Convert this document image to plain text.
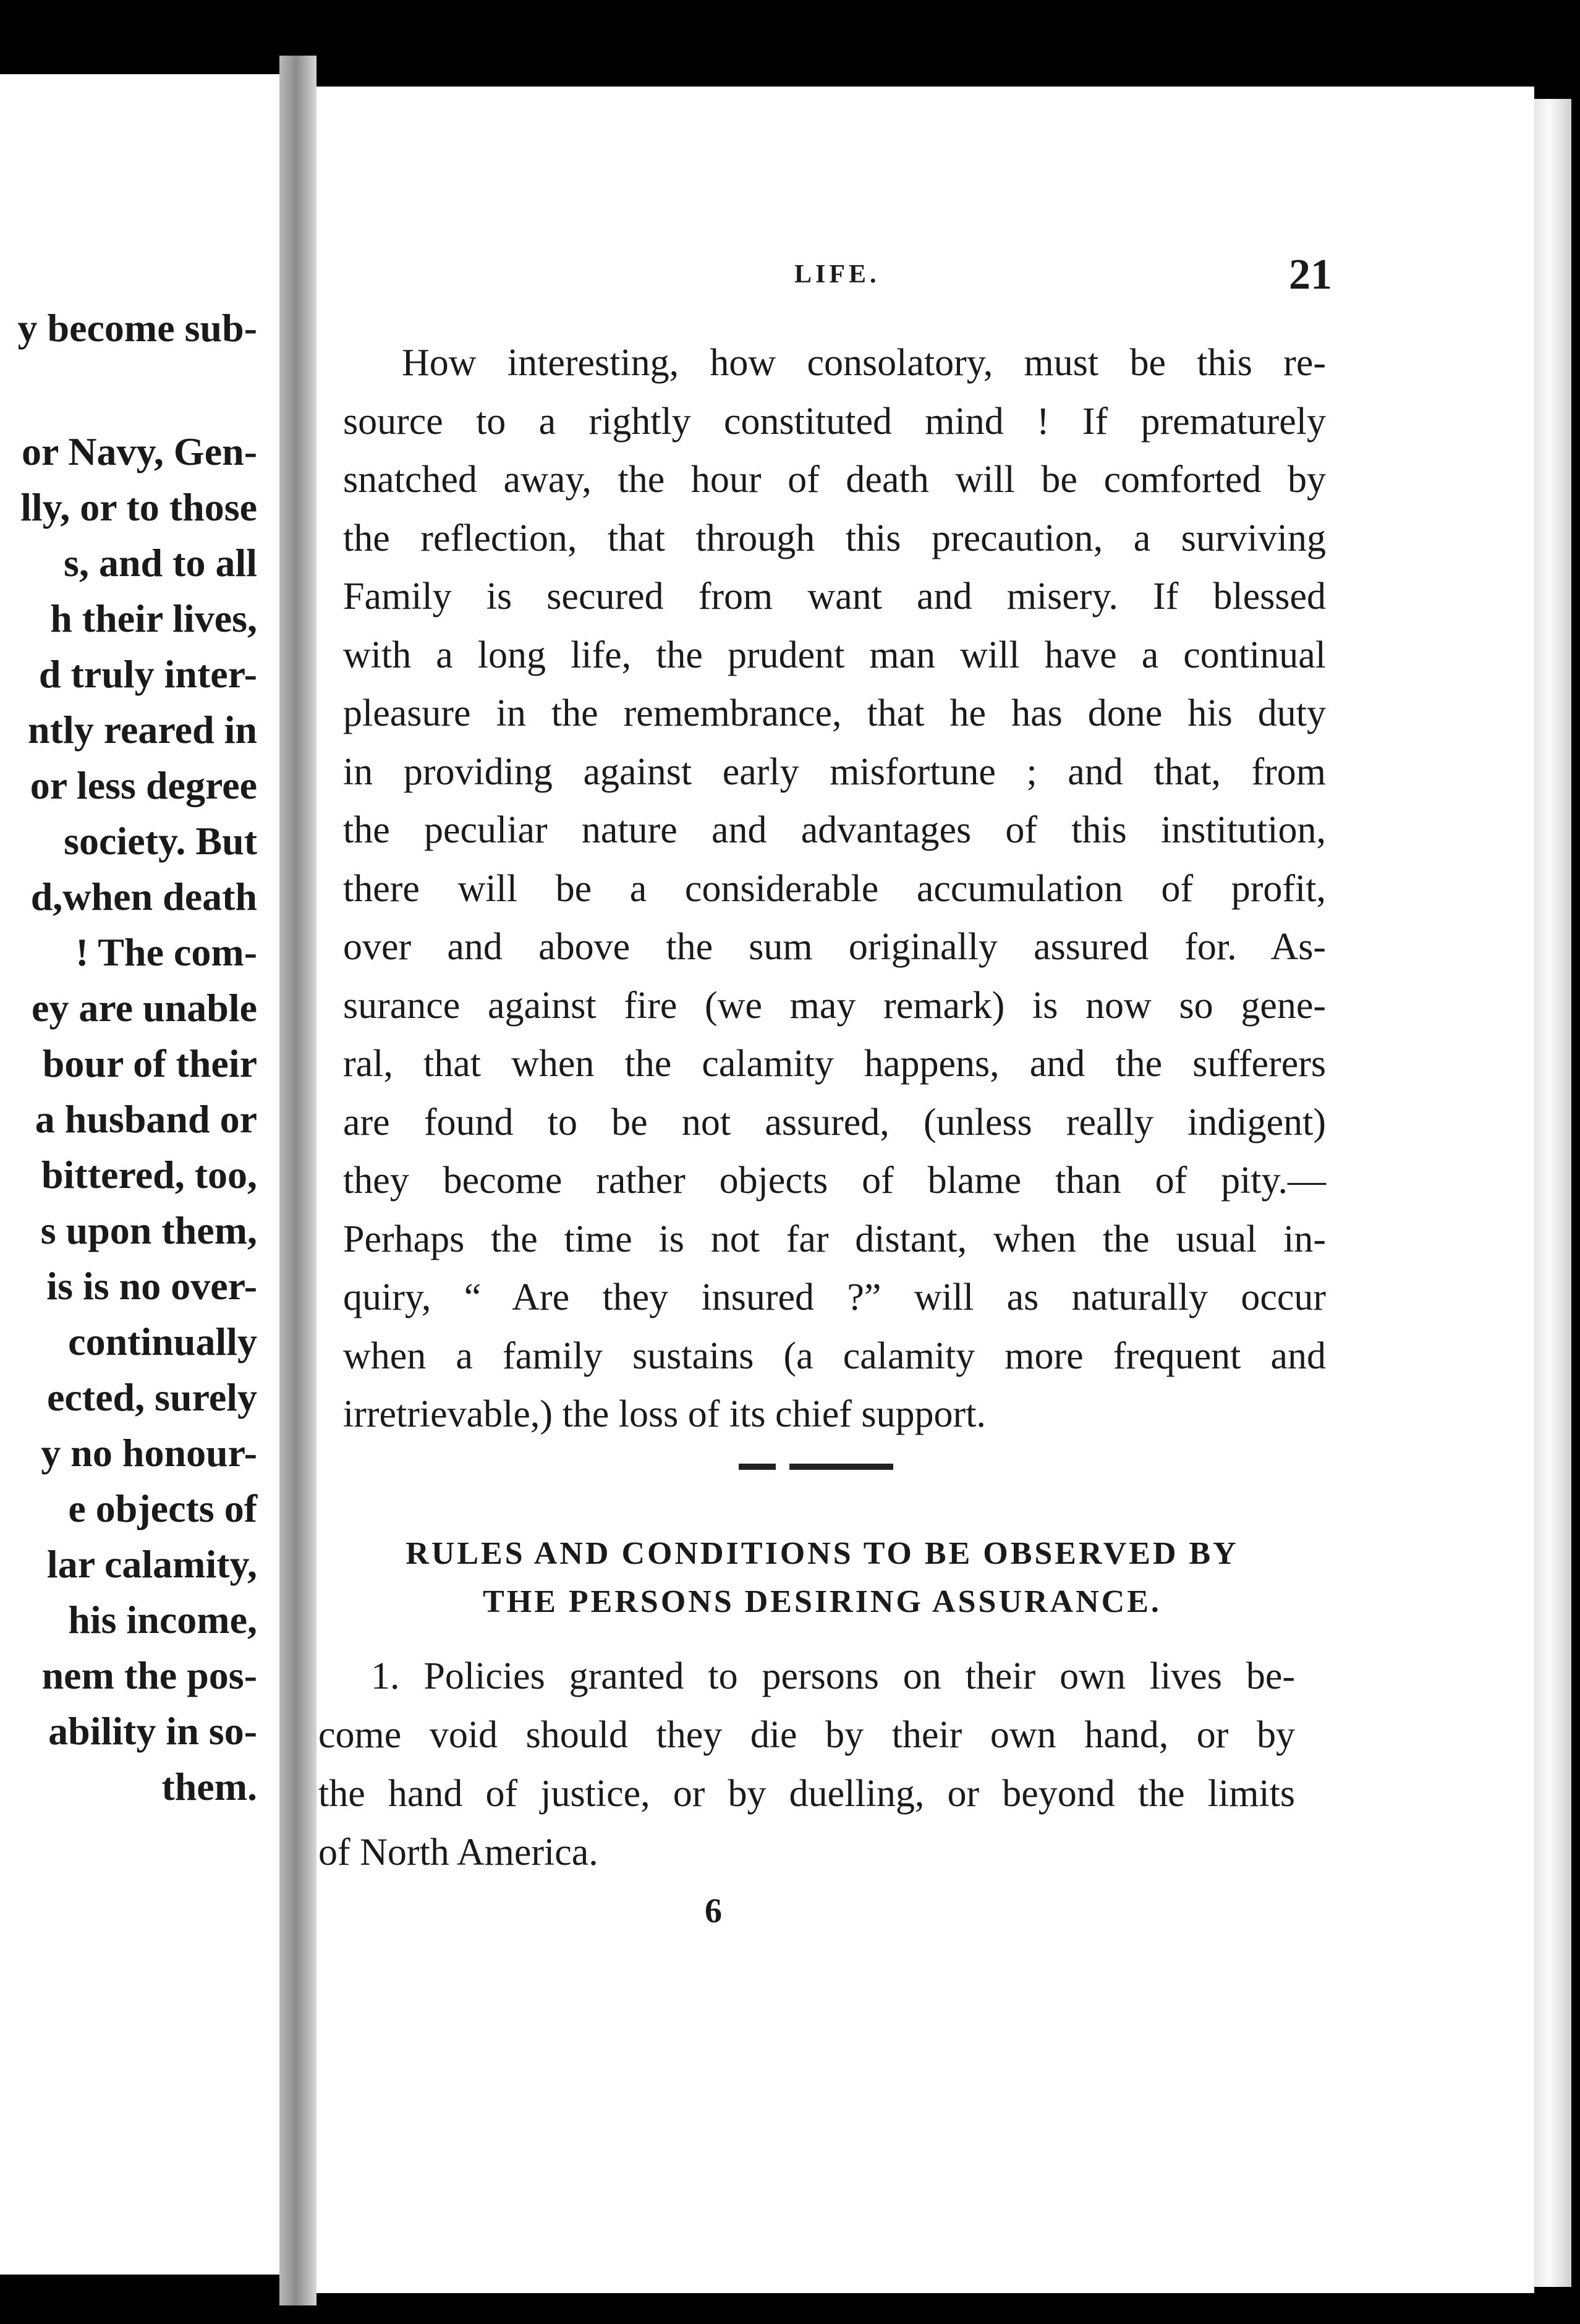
y become sub-
or Navy, Gen-
lly, or to those
s, and to all
h their lives,
d truly inter-
ntly reared in
or less degree
society. But
d,when death
! The com-
ey are unable
bour of their
a husband or
bittered, too,
s upon them,
is is no over-
continually
ected, surely
y no honour-
e objects of
lar calamity,
his income,
nem the pos-
ability in so-
them.
LIFE.	21
How interesting, how consolatory, must be this re-
source to a rightly constituted mind ! If prematurely
snatched away, the hour of death will be comforted by
the reflection, that through this precaution, a surviving
Family is secured from want and misery. If blessed
with a long life, the prudent man will have a continual
pleasure in the remembrance, that he has done his duty
in providing against early misfortune ; and that, from
the peculiar nature and advantages of this institution,
there will be a considerable accumulation of profit,
over and above the sum originally assured for. As-
surance against fire (we may remark) is now so gene-
ral, that when the calamity happens, and the sufferers
are found to be not assured, (unless really indigent)
they become rather objects of blame than of pity.—
Perhaps the time is not far distant, when the usual in-
quiry, “ Are they insured ?” will as naturally occur
when a family sustains (a calamity more frequent and
irretrievable,) the loss of its chief support.
RULES AND CONDITIONS TO BE OBSERVED BY
THE PERSONS DESIRING ASSURANCE.
1. Policies granted to persons on their own lives be-
come void should they die by their own hand, or by
the hand of justice, or by duelling, or beyond the limits
of North America.
6
